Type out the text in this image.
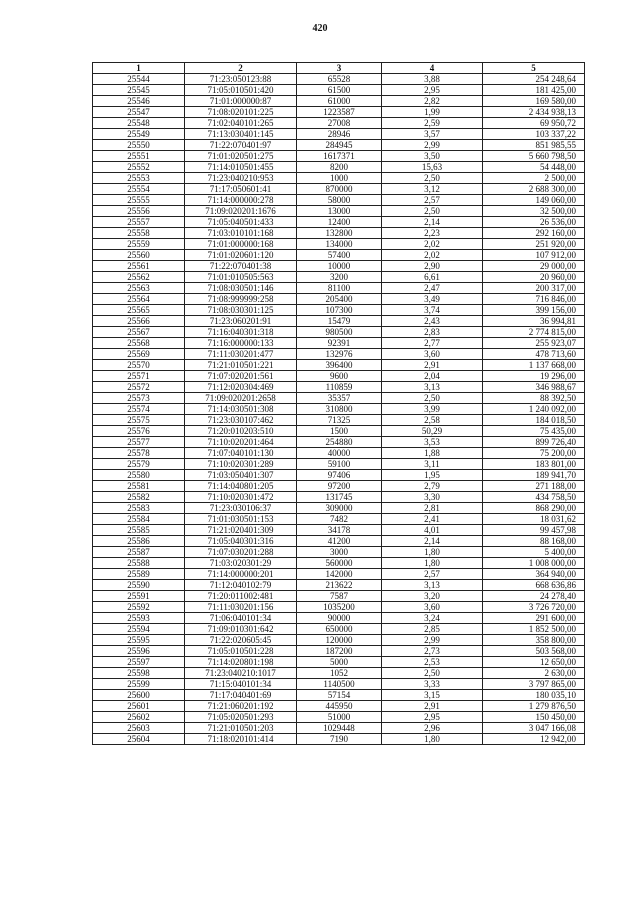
420
1	2	3	4	5
25544	71:23:050123:88	65528	3,88	254 248,64
25545	71:05:010501:420	61500	2,95	181 425,00
25546	71:01:000000:87	61000	2,82	169 580,00
25547	71:08:020101:225	1223587	1,99	2 434 938,13
25548	71:02:040101:265	27008	2,59	69 950,72
25549	71:13:030401:145	28946	3,57	103 337,22
25550	71:22:070401:97	284945	2,99	851 985,55
25551	71:01:020501:275	1617371	3,50	5 660 798,50
25552	71:14:010501:455	8200	15,63	54 448,00
25553	71:23:040210:953	1000	2,50	2 500,00
25554	71:17:050601:41	870000	3,12	2 688 300,00
25555	71:14:000000:278	58000	2,57	149 060,00
25556	71:09:020201:1676	13000	2,50	32 500,00
25557	71:05:040501:433	12400	2,14	26 536,00
25558	71:03:010101:168	132800	2,23	292 160,00
25559	71:01:000000:168	134000	2,02	251 920,00
25560	71:01:020601:120	57400	2,02	107 912,00
25561	71:22:070401:38	10000	2,90	29 000,00
25562	71:01:010505:563	3200	6,61	20 960,00
25563	71:08:030501:146	81100	2,47	200 317,00
25564	71:08:999999:258	205400	3,49	716 846,00
25565	71:08:030301:125	107300	3,74	399 156,00
25566	71:23:060201:91	15479	2,43	36 994,81
25567	71:16:040301:318	980500	2,83	2 774 815,00
25568	71:16:000000:133	92391	2,77	255 923,07
25569	71:11:030201:477	132976	3,60	478 713,60
25570	71:21:010501:221	396400	2,91	1 137 668,00
25571	71:07:020201:561	9600	2,04	19 296,00
25572	71:12:020304:469	110859	3,13	346 988,67
25573	71:09:020201:2658	35357	2,50	88 392,50
25574	71:14:030501:308	310800	3,99	1 240 092,00
25575	71:23:030107:462	71325	2,58	184 018,50
25576	71:20:010203:510	1500	50,29	75 435,00
25577	71:10:020201:464	254880	3,53	899 726,40
25578	71:07:040101:130	40000	1,88	75 200,00
25579	71:10:020301:289	59100	3,11	183 801,00
25580	71:03:050401:307	97406	1,95	189 941,70
25581	71:14:040801:205	97200	2,79	271 188,00
25582	71:10:020301:472	131745	3,30	434 758,50
25583	71:23:030106:37	309000	2,81	868 290,00
25584	71:01:030501:153	7482	2,41	18 031,62
25585	71:21:020401:309	34178	4,01	99 457,98
25586	71:05:040301:316	41200	2,14	88 168,00
25587	71:07:030201:288	3000	1,80	5 400,00
25588	71:03:020301:29	560000	1,80	1 008 000,00
25589	71:14:000000:201	142000	2,57	364 940,00
25590	71:12:040102:79	213622	3,13	668 636,86
25591	71:20:011002:481	7587	3,20	24 278,40
25592	71:11:030201:156	1035200	3,60	3 726 720,00
25593	71:06:040101:34	90000	3,24	291 600,00
25594	71:09:010301:642	650000	2,85	1 852 500,00
25595	71:22:020605:45	120000	2,99	358 800,00
25596	71:05:010501:228	187200	2,73	503 568,00
25597	71:14:020801:198	5000	2,53	12 650,00
25598	71:23:040210:1017	1052	2,50	2 630,00
25599	71:15:040101:34	1140500	3,33	3 797 865,00
25600	71:17:040401:69	57154	3,15	180 035,10
25601	71:21:060201:192	445950	2,91	1 279 876,50
25602	71:05:020501:293	51000	2,95	150 450,00
25603	71:21:010501:203	1029448	2,96	3 047 166,08
25604	71:18:020101:414	7190	1,80	12 942,00
